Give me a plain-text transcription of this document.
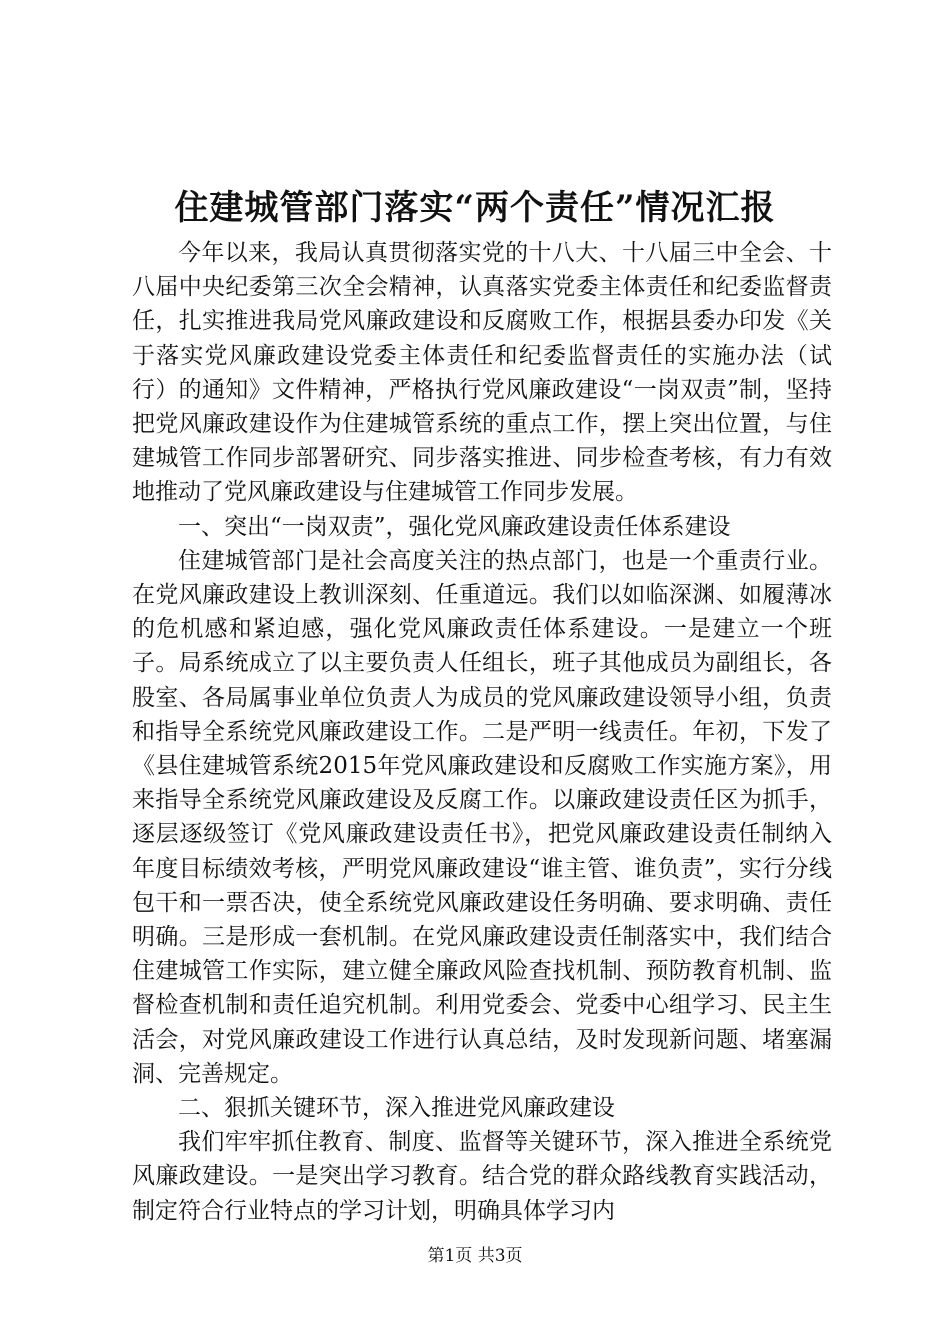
住建城管部门落实“两个责任”情况汇报

今年以来，我局认真贯彻落实党的十八大、十八届三中全会、十八届中央纪委第三次全会精神，认真落实党委主体责任和纪委监督责任，扎实推进我局党风廉政建设和反腐败工作，根据县委办印发《关于落实党风廉政建设党委主体责任和纪委监督责任的实施办法（试行）的通知》文件精神，严格执行党风廉政建设“一岗双责”制，坚持把党风廉政建设作为住建城管系统的重点工作，摆上突出位置，与住建城管工作同步部署研究、同步落实推进、同步检查考核，有力有效地推动了党风廉政建设与住建城管工作同步发展。

一、突出“一岗双责”，强化党风廉政建设责任体系建设

住建城管部门是社会高度关注的热点部门，也是一个重责行业。在党风廉政建设上教训深刻、任重道远。我们以如临深渊、如履薄冰的危机感和紧迫感，强化党风廉政责任体系建设。一是建立一个班子。局系统成立了以主要负责人任组长，班子其他成员为副组长，各股室、各局属事业单位负责人为成员的党风廉政建设领导小组，负责和指导全系统党风廉政建设工作。二是严明一线责任。年初，下发了《县住建城管系统2015年党风廉政建设和反腐败工作实施方案》，用来指导全系统党风廉政建设及反腐工作。以廉政建设责任区为抓手，逐层逐级签订《党风廉政建设责任书》，把党风廉政建设责任制纳入年度目标绩效考核，严明党风廉政建设“谁主管、谁负责”，实行分线包干和一票否决，使全系统党风廉政建设任务明确、要求明确、责任明确。三是形成一套机制。在党风廉政建设责任制落实中，我们结合住建城管工作实际，建立健全廉政风险查找机制、预防教育机制、监督检查机制和责任追究机制。利用党委会、党委中心组学习、民主生活会，对党风廉政建设工作进行认真总结，及时发现新问题、堵塞漏洞、完善规定。

二、狠抓关键环节，深入推进党风廉政建设

我们牢牢抓住教育、制度、监督等关键环节，深入推进全系统党风廉政建设。一是突出学习教育。结合党的群众路线教育实践活动，制定符合行业特点的学习计划，明确具体学习内

第1页 共3页
